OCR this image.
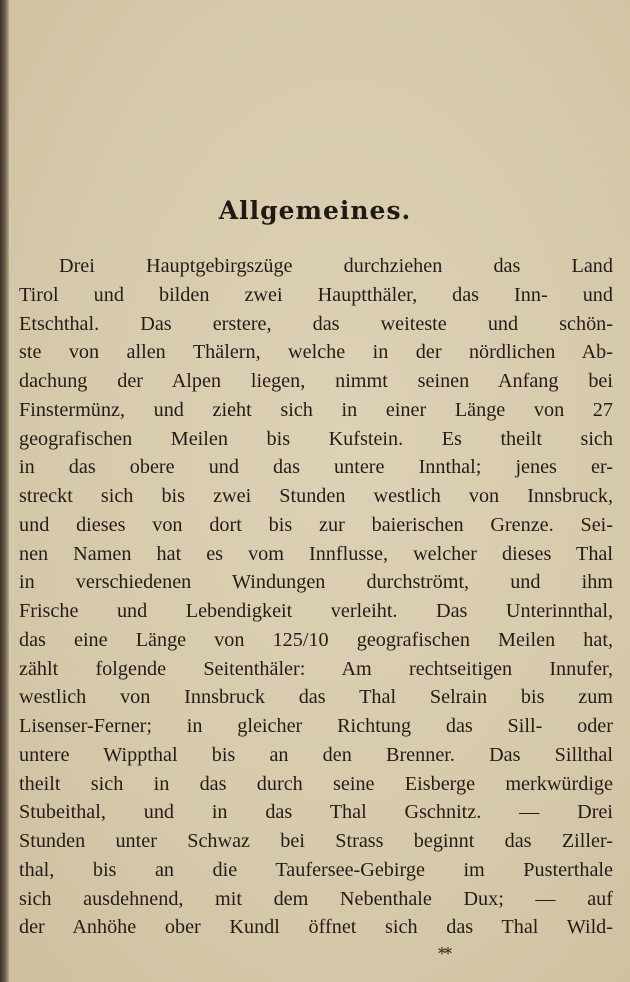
Allgemeines.
Drei Hauptgebirgszüge durchziehen das Land
Tirol und bilden zwei Hauptthäler, das Inn- und
Etschthal. Das erstere, das weiteste und schön-
ste von allen Thälern, welche in der nördlichen Ab-
dachung der Alpen liegen, nimmt seinen Anfang bei
Finstermünz, und zieht sich in einer Länge von 27
geografischen Meilen bis Kufstein. Es theilt sich
in das obere und das untere Innthal; jenes er-
streckt sich bis zwei Stunden westlich von Innsbruck,
und dieses von dort bis zur baierischen Grenze. Sei-
nen Namen hat es vom Innflusse, welcher dieses Thal
in verschiedenen Windungen durchströmt, und ihm
Frische und Lebendigkeit verleiht. Das Unterinnthal,
das eine Länge von 125/10 geografischen Meilen hat,
zählt folgende Seitenthäler: Am rechtseitigen Innufer,
westlich von Innsbruck das Thal Selrain bis zum
Lisenser-Ferner; in gleicher Richtung das Sill- oder
untere Wippthal bis an den Brenner. Das Sillthal
theilt sich in das durch seine Eisberge merkwürdige
Stubeithal, und in das Thal Gschnitz. — Drei
Stunden unter Schwaz bei Strass beginnt das Ziller-
thal, bis an die Taufersee-Gebirge im Pusterthale
sich ausdehnend, mit dem Nebenthale Dux; — auf
der Anhöhe ober Kundl öffnet sich das Thal Wild-
**
